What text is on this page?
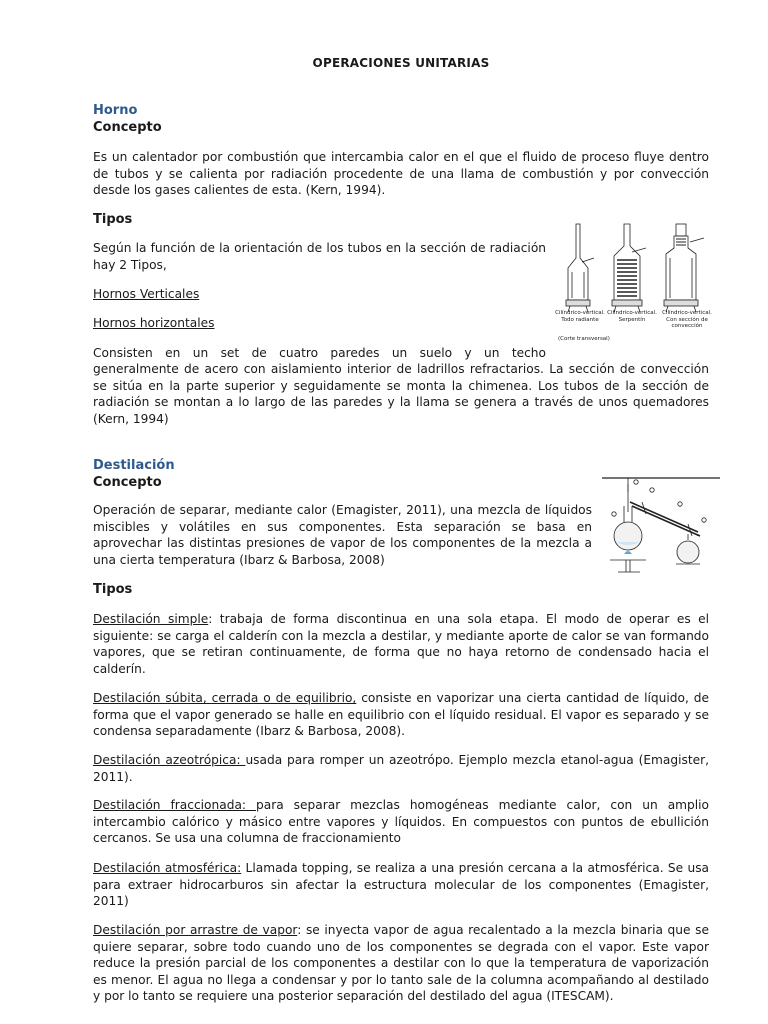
OPERACIONES UNITARIAS
Horno
Concepto

Es un calentador por combustión que intercambia calor en el que el fluido de proceso fluye dentro de tubos y se calienta por radiación procedente de una llama de combustión y por convección desde los gases calientes de esta. (Kern, 1994).

Tipos

Según la función de la orientación de los tubos en la sección de radiación hay 2 Tipos,

Hornos Verticales

Hornos horizontales

Consisten en un set de cuatro paredes un suelo y un techo

generalmente de acero con aislamiento interior de ladrillos refractarios. La sección de convección se sitúa en la parte superior y seguidamente se monta la chimenea. Los tubos de la sección de radiación se montan a lo largo de las paredes y la llama se genera a través de unos quemadores (Kern, 1994)

Cilíndrico-vertical.
Todo radiante
Cilíndrico-vertical.
Serpentín
Cilíndrico-vertical.
Con sección de
convección
(Corte transversal)
Destilación
Concepto

Operación de separar, mediante calor (Emagister, 2011), una mezcla de líquidos miscibles y volátiles en sus componentes. Esta separación se basa en aprovechar las distintas presiones de vapor de los componentes de la mezcla a una cierta temperatura (Ibarz & Barbosa, 2008)

Tipos

Destilación simple: trabaja de forma discontinua en una sola etapa. El modo de operar es el siguiente: se carga el calderín con la mezcla a destilar, y mediante aporte de calor se van formando vapores, que se retiran continuamente, de forma que no haya retorno de condensado hacia el calderín.

Destilación súbita, cerrada o de equilibrio, consiste en vaporizar una cierta cantidad de líquido, de forma que el vapor generado se halle en equilibrio con el líquido residual. El vapor es separado y se condensa separadamente (Ibarz & Barbosa, 2008).

Destilación azeotrópica: usada para romper un azeotrópo. Ejemplo mezcla etanol-agua (Emagister, 2011).

Destilación fraccionada: para separar mezclas homogéneas mediante calor, con un amplio intercambio calórico y másico entre vapores y líquidos. En compuestos con puntos de ebullición cercanos. Se usa una columna de fraccionamiento

Destilación atmosférica: Llamada topping, se realiza a una presión cercana a la atmosférica. Se usa para extraer hidrocarburos sin afectar la estructura molecular de los componentes (Emagister, 2011)

Destilación por arrastre de vapor: se inyecta vapor de agua recalentado a la mezcla binaria que se quiere separar, sobre todo cuando uno de los componentes se degrada con el vapor. Este vapor reduce la presión parcial de los componentes a destilar con lo que la temperatura de vaporización es menor. El agua no llega a condensar y por lo tanto sale de la columna acompañando al destilado y por lo tanto se requiere una posterior separación del destilado del agua (ITESCAM).
